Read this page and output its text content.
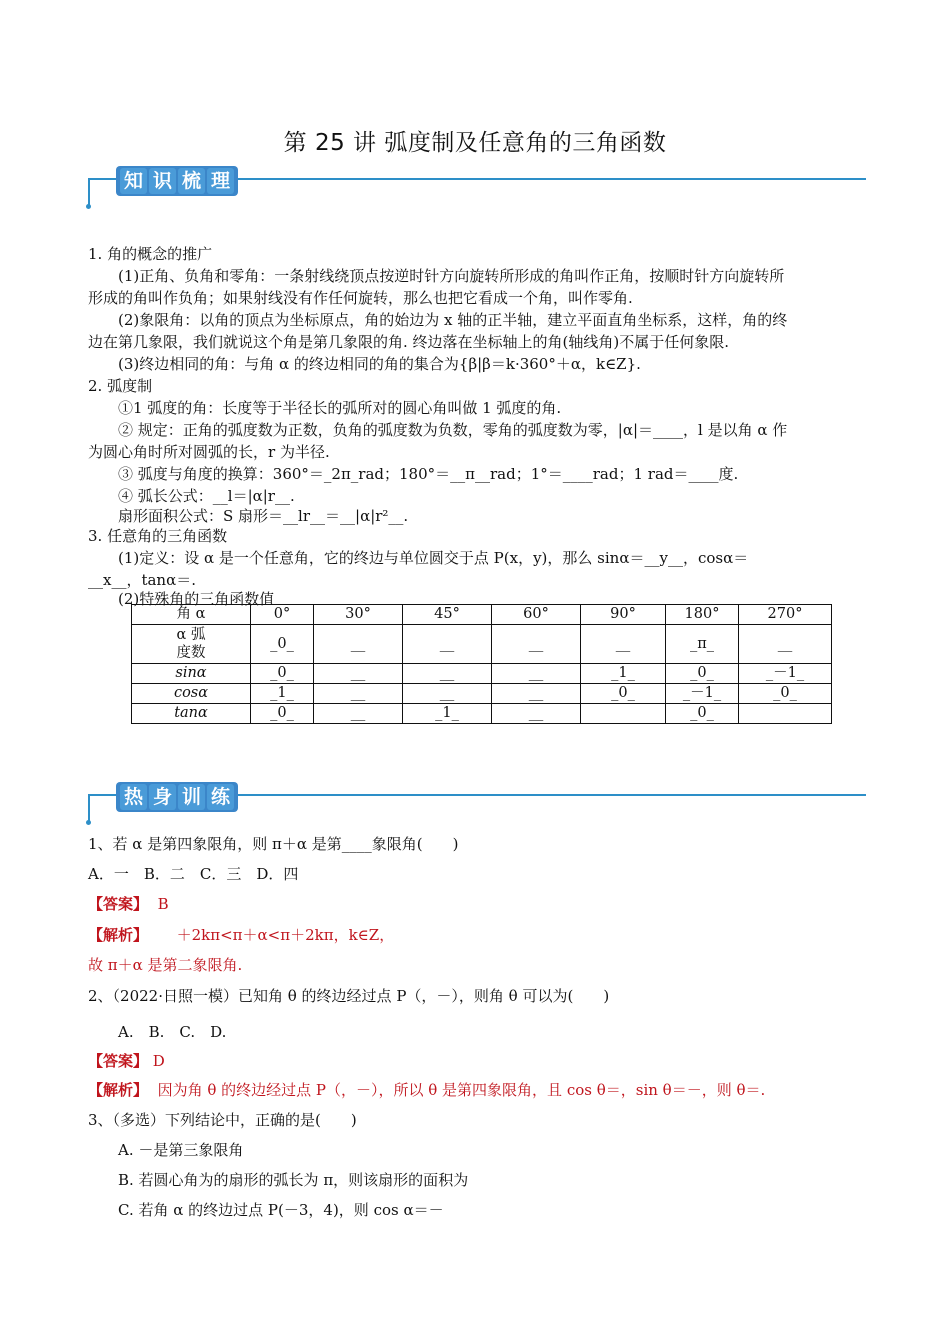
第 25 讲 弧度制及任意角的三角函数
知 识 梳 理
1. 角的概念的推广
(1)正角、负角和零角：一条射线绕顶点按逆时针方向旋转所形成的角叫作正角，按顺时针方向旋转所
形成的角叫作负角；如果射线没有作任何旋转，那么也把它看成一个角，叫作零角.
(2)象限角：以角的顶点为坐标原点，角的始边为 x 轴的正半轴，建立平面直角坐标系，这样，角的终
边在第几象限，我们就说这个角是第几象限的角. 终边落在坐标轴上的角(轴线角)不属于任何象限.
(3)终边相同的角：与角 α 的终边相同的角的集合为{β|β＝k·360°＋α，k∈Z}.
2. 弧度制
①1 弧度的角：长度等于半径长的弧所对的圆心角叫做 1 弧度的角.
② 规定：正角的弧度数为正数，负角的弧度数为负数，零角的弧度数为零，|α|＝____，l 是以角 α 作
为圆心角时所对圆弧的长，r 为半径.
③ 弧度与角度的换算：360°＝_2π_rad；180°＝__π__rad；1°＝____rad；1 rad＝____度.
④ 弧长公式：__l＝|α|r__.
扇形面积公式：S 扇形＝__lr__＝__|α|r²__.
3. 任意角的三角函数
(1)定义：设 α 是一个任意角，它的终边与单位圆交于点 P(x，y)，那么 sinα＝__y__，cosα＝
__x__，tanα＝.
(2)特殊角的三角函数值
角 α	0°	30°	45°	60°	90°	180°	270°
α 弧
度数	_0_	__	__	__	__	_π_	__
sinα	_0_	__	__	__	_1_	_0_	_－1_
cosα	_1_	__	__	__	_0_	_－1_	_0_
tanα	_0_	__	_1_	__		_0_	
热 身 训 练
1、若 α 是第四象限角，则 π＋α 是第____象限角(　　)
A．一　B．二　C．三　D．四
【答案】 B
【解析】 ＋2kπ<π＋α<π＋2kπ，k∈Z，
故 π＋α 是第二象限角.
2、（2022·日照一模）已知角 θ 的终边经过点 P（，－），则角 θ 可以为(　　)
A.　B.　C.　D.
【答案】 D
【解析】 因为角 θ 的终边经过点 P（，－），所以 θ 是第四象限角，且 cos θ＝，sin θ＝－，则 θ＝.
3、（多选）下列结论中，正确的是(　　)
A. －是第三象限角
B. 若圆心角为的扇形的弧长为 π，则该扇形的面积为
C. 若角 α 的终边过点 P(－3，4)，则 cos α＝－
